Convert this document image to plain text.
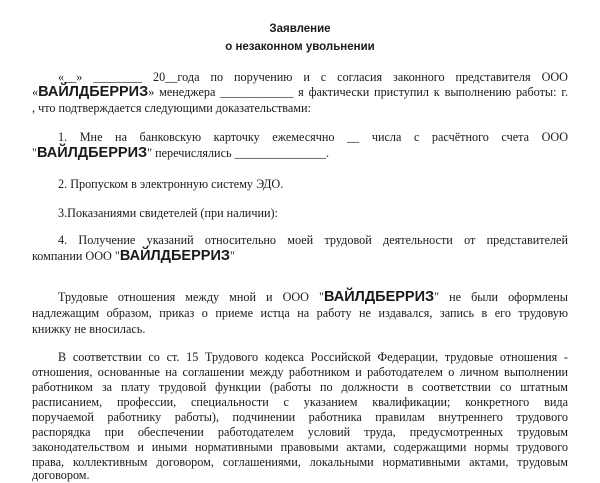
Заявление
о незаконном увольнении
«__» ________ 20__года по поручению и с согласия законного представителя ООО
«ВАЙЛДБЕРРИЗ» менеджера ____________ я фактически приступил к выполнению работы: г.
, что подтверждается следующими доказательствами:
1. Мне на банковскую карточку ежемесячно __ числа с расчётного счета ООО
"ВАЙЛДБЕРРИЗ" перечислялись _______________.
2. Пропуском в электронную систему ЭДО.
3.Показаниями свидетелей (при наличии):
4. Получение указаний относительно моей трудовой деятельности от представителей
компании ООО "ВАЙЛДБЕРРИЗ"
Трудовые отношения между мной и ООО "ВАЙЛДБЕРРИЗ" не были оформлены
надлежащим образом, приказ о приеме истца на работу не издавался, запись в его трудовую
книжку не вносилась.
В соответствии со ст. 15 Трудового кодекса Российской Федерации, трудовые отношения -
отношения, основанные на соглашении между работником и работодателем о личном выполнении
работником за плату трудовой функции (работы по должности в соответствии со штатным
расписанием, профессии, специальности с указанием квалификации; конкретного вида
поручаемой работнику работы), подчинении работника правилам внутреннего трудового
распорядка при обеспечении работодателем условий труда, предусмотренных трудовым
законодательством и иными нормативными правовыми актами, содержащими нормы трудового
права, коллективным договором, соглашениями, локальными нормативными актами, трудовым
договором.
